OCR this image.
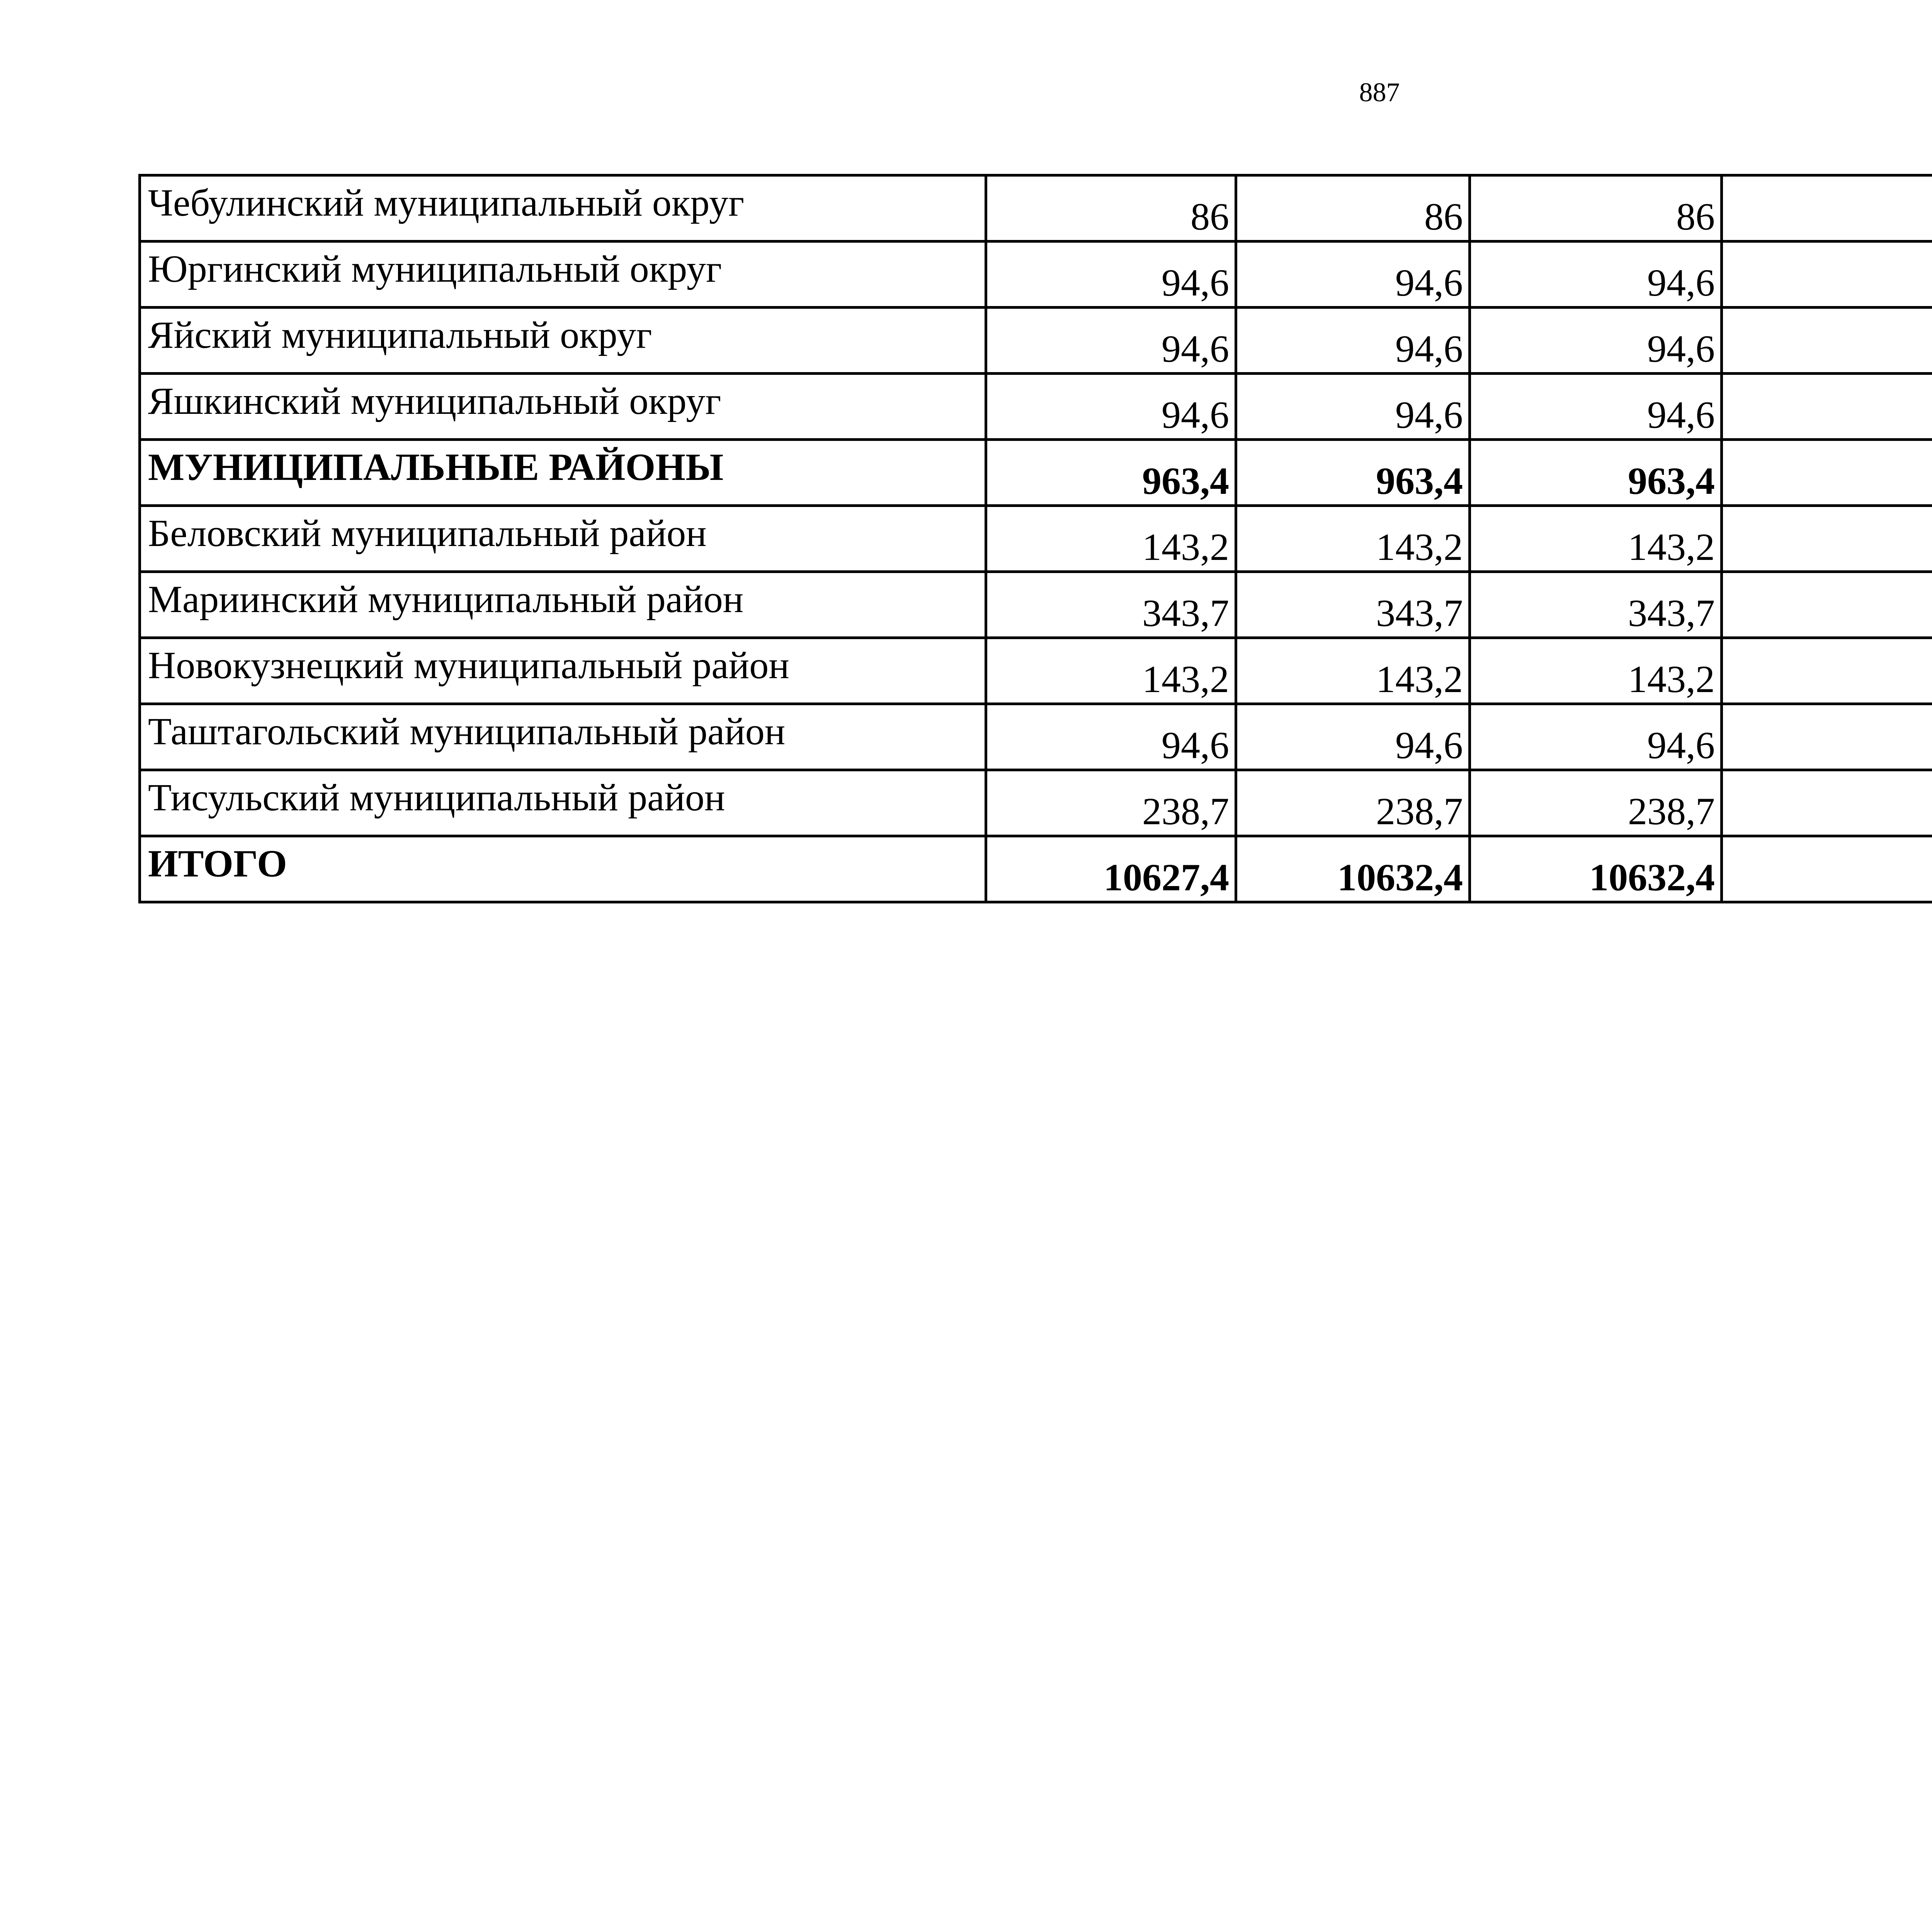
887
Чебулинский муниципальный округ	86	86	86	
Юргинский муниципальный округ	94,6	94,6	94,6	
Яйский муниципальный округ	94,6	94,6	94,6	
Яшкинский муниципальный округ	94,6	94,6	94,6	
МУНИЦИПАЛЬНЫЕ РАЙОНЫ	963,4	963,4	963,4	
Беловский муниципальный район	143,2	143,2	143,2	
Мариинский муниципальный район	343,7	343,7	343,7	
Новокузнецкий муниципальный район	143,2	143,2	143,2	
Таштагольский муниципальный район	94,6	94,6	94,6	
Тисульский муниципальный район	238,7	238,7	238,7	
ИТОГО	10627,4	10632,4	10632,4	
